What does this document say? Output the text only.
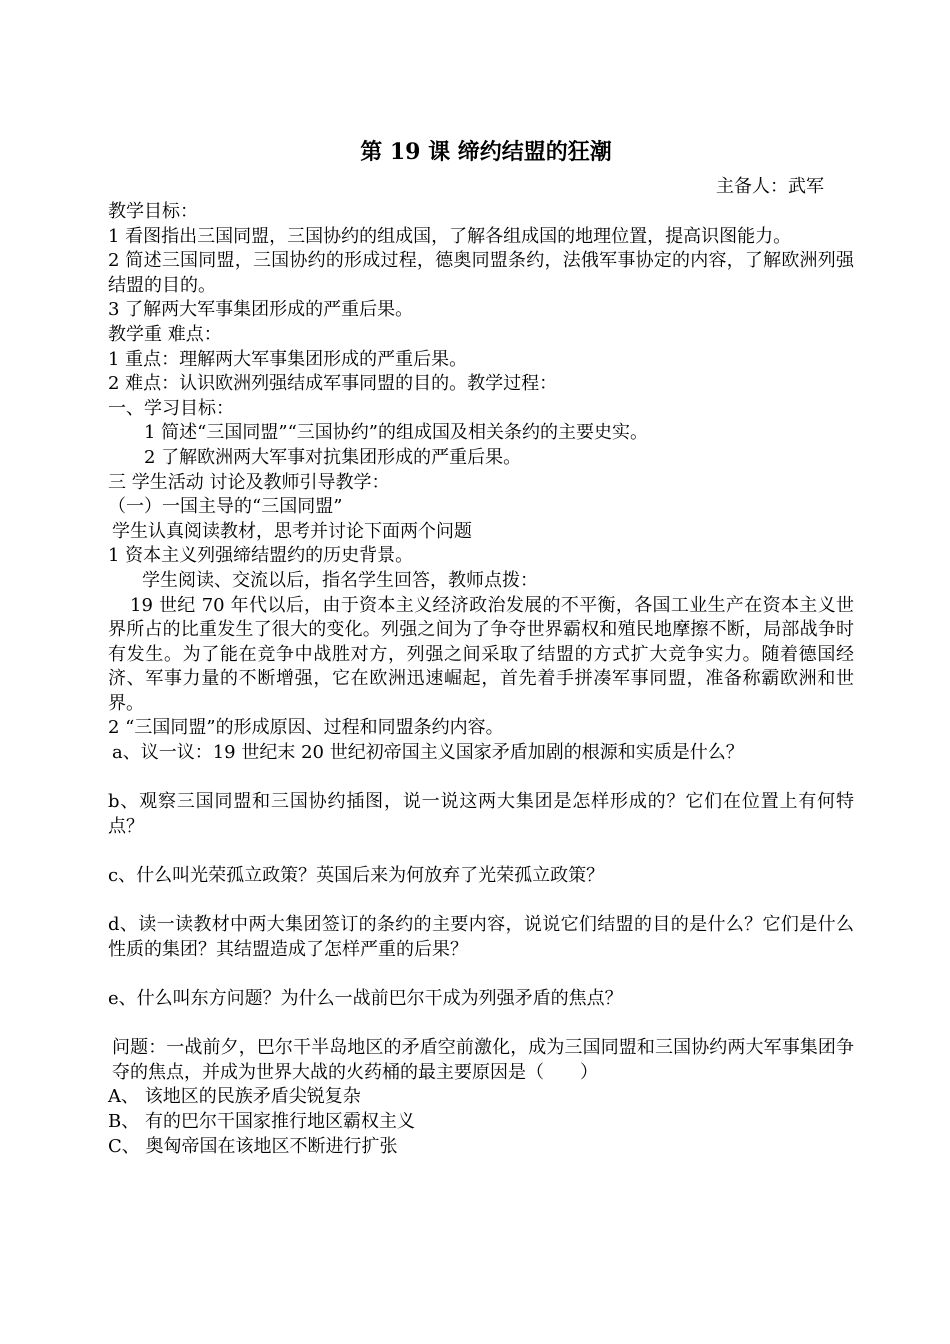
第 19 课 缔约结盟的狂潮
主备人：武军
教学目标：
1 看图指出三国同盟，三国协约的组成国，了解各组成国的地理位置，提高识图能力。
2 简述三国同盟，三国协约的形成过程，德奥同盟条约，法俄军事协定的内容，了解欧洲列强结盟的目的。
3 了解两大军事集团形成的严重后果。
教学重 难点：
1 重点：理解两大军事集团形成的严重后果。
2 难点：认识欧洲列强结成军事同盟的目的。教学过程：
一、学习目标：
1 简述“三国同盟”“三国协约”的组成国及相关条约的主要史实。
2 了解欧洲两大军事对抗集团形成的严重后果。
三 学生活动 讨论及教师引导教学：
（一）一国主导的“三国同盟”
学生认真阅读教材，思考并讨论下面两个问题
1 资本主义列强缔结盟约的历史背景。
学生阅读、交流以后，指名学生回答，教师点拨：
19 世纪 70 年代以后，由于资本主义经济政治发展的不平衡，各国工业生产在资本主义世界所占的比重发生了很大的变化。列强之间为了争夺世界霸权和殖民地摩擦不断，局部战争时有发生。为了能在竞争中战胜对方，列强之间采取了结盟的方式扩大竞争实力。随着德国经济、军事力量的不断增强，它在欧洲迅速崛起，首先着手拼凑军事同盟，准备称霸欧洲和世界。
2 “三国同盟”的形成原因、过程和同盟条约内容。
a、议一议：19 世纪末 20 世纪初帝国主义国家矛盾加剧的根源和实质是什么？
b、观察三国同盟和三国协约插图，说一说这两大集团是怎样形成的？它们在位置上有何特点？
c、什么叫光荣孤立政策？英国后来为何放弃了光荣孤立政策？
d、读一读教材中两大集团签订的条约的主要内容，说说它们结盟的目的是什么？它们是什么性质的集团？其结盟造成了怎样严重的后果？
e、什么叫东方问题？为什么一战前巴尔干成为列强矛盾的焦点？
问题：一战前夕，巴尔干半岛地区的矛盾空前激化，成为三国同盟和三国协约两大军事集团争夺的焦点，并成为世界大战的火药桶的最主要原因是（　　）
A、 该地区的民族矛盾尖锐复杂
B、 有的巴尔干国家推行地区霸权主义
C、 奥匈帝国在该地区不断进行扩张
